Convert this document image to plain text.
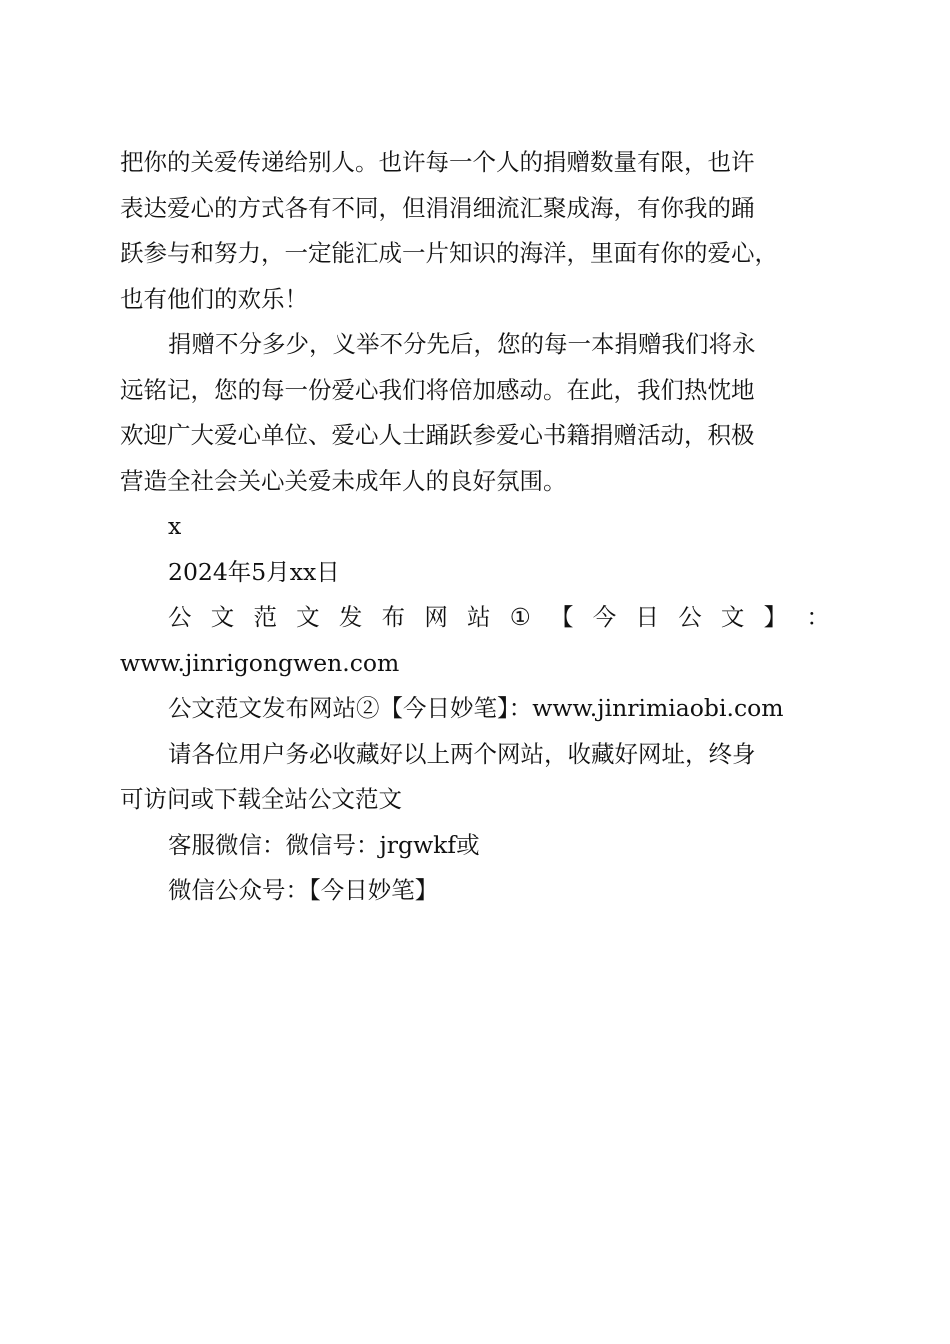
把你的关爱传递给别人。也许每一个人的捐赠数量有限，也许
表达爱心的方式各有不同，但涓涓细流汇聚成海，有你我的踊
跃参与和努力，一定能汇成一片知识的海洋，里面有你的爱心，
也有他们的欢乐！
捐赠不分多少，义举不分先后，您的每一本捐赠我们将永
远铭记，您的每一份爱心我们将倍加感动。在此，我们热忱地
欢迎广大爱心单位、爱心人士踊跃参爱心书籍捐赠活动，积极
营造全社会关心关爱未成年人的良好氛围。
x
2024年5月xx日
公 文 范 文 发 布 网 站 ① 【 今 日 公 文 】 ：
www.jinrigongwen.com
公文范文发布网站②【今日妙笔】：www.jinrimiaobi.com
请各位用户务必收藏好以上两个网站，收藏好网址，终身
可访问或下载全站公文范文
客服微信：微信号：jrgwkf或
微信公众号：【今日妙笔】
